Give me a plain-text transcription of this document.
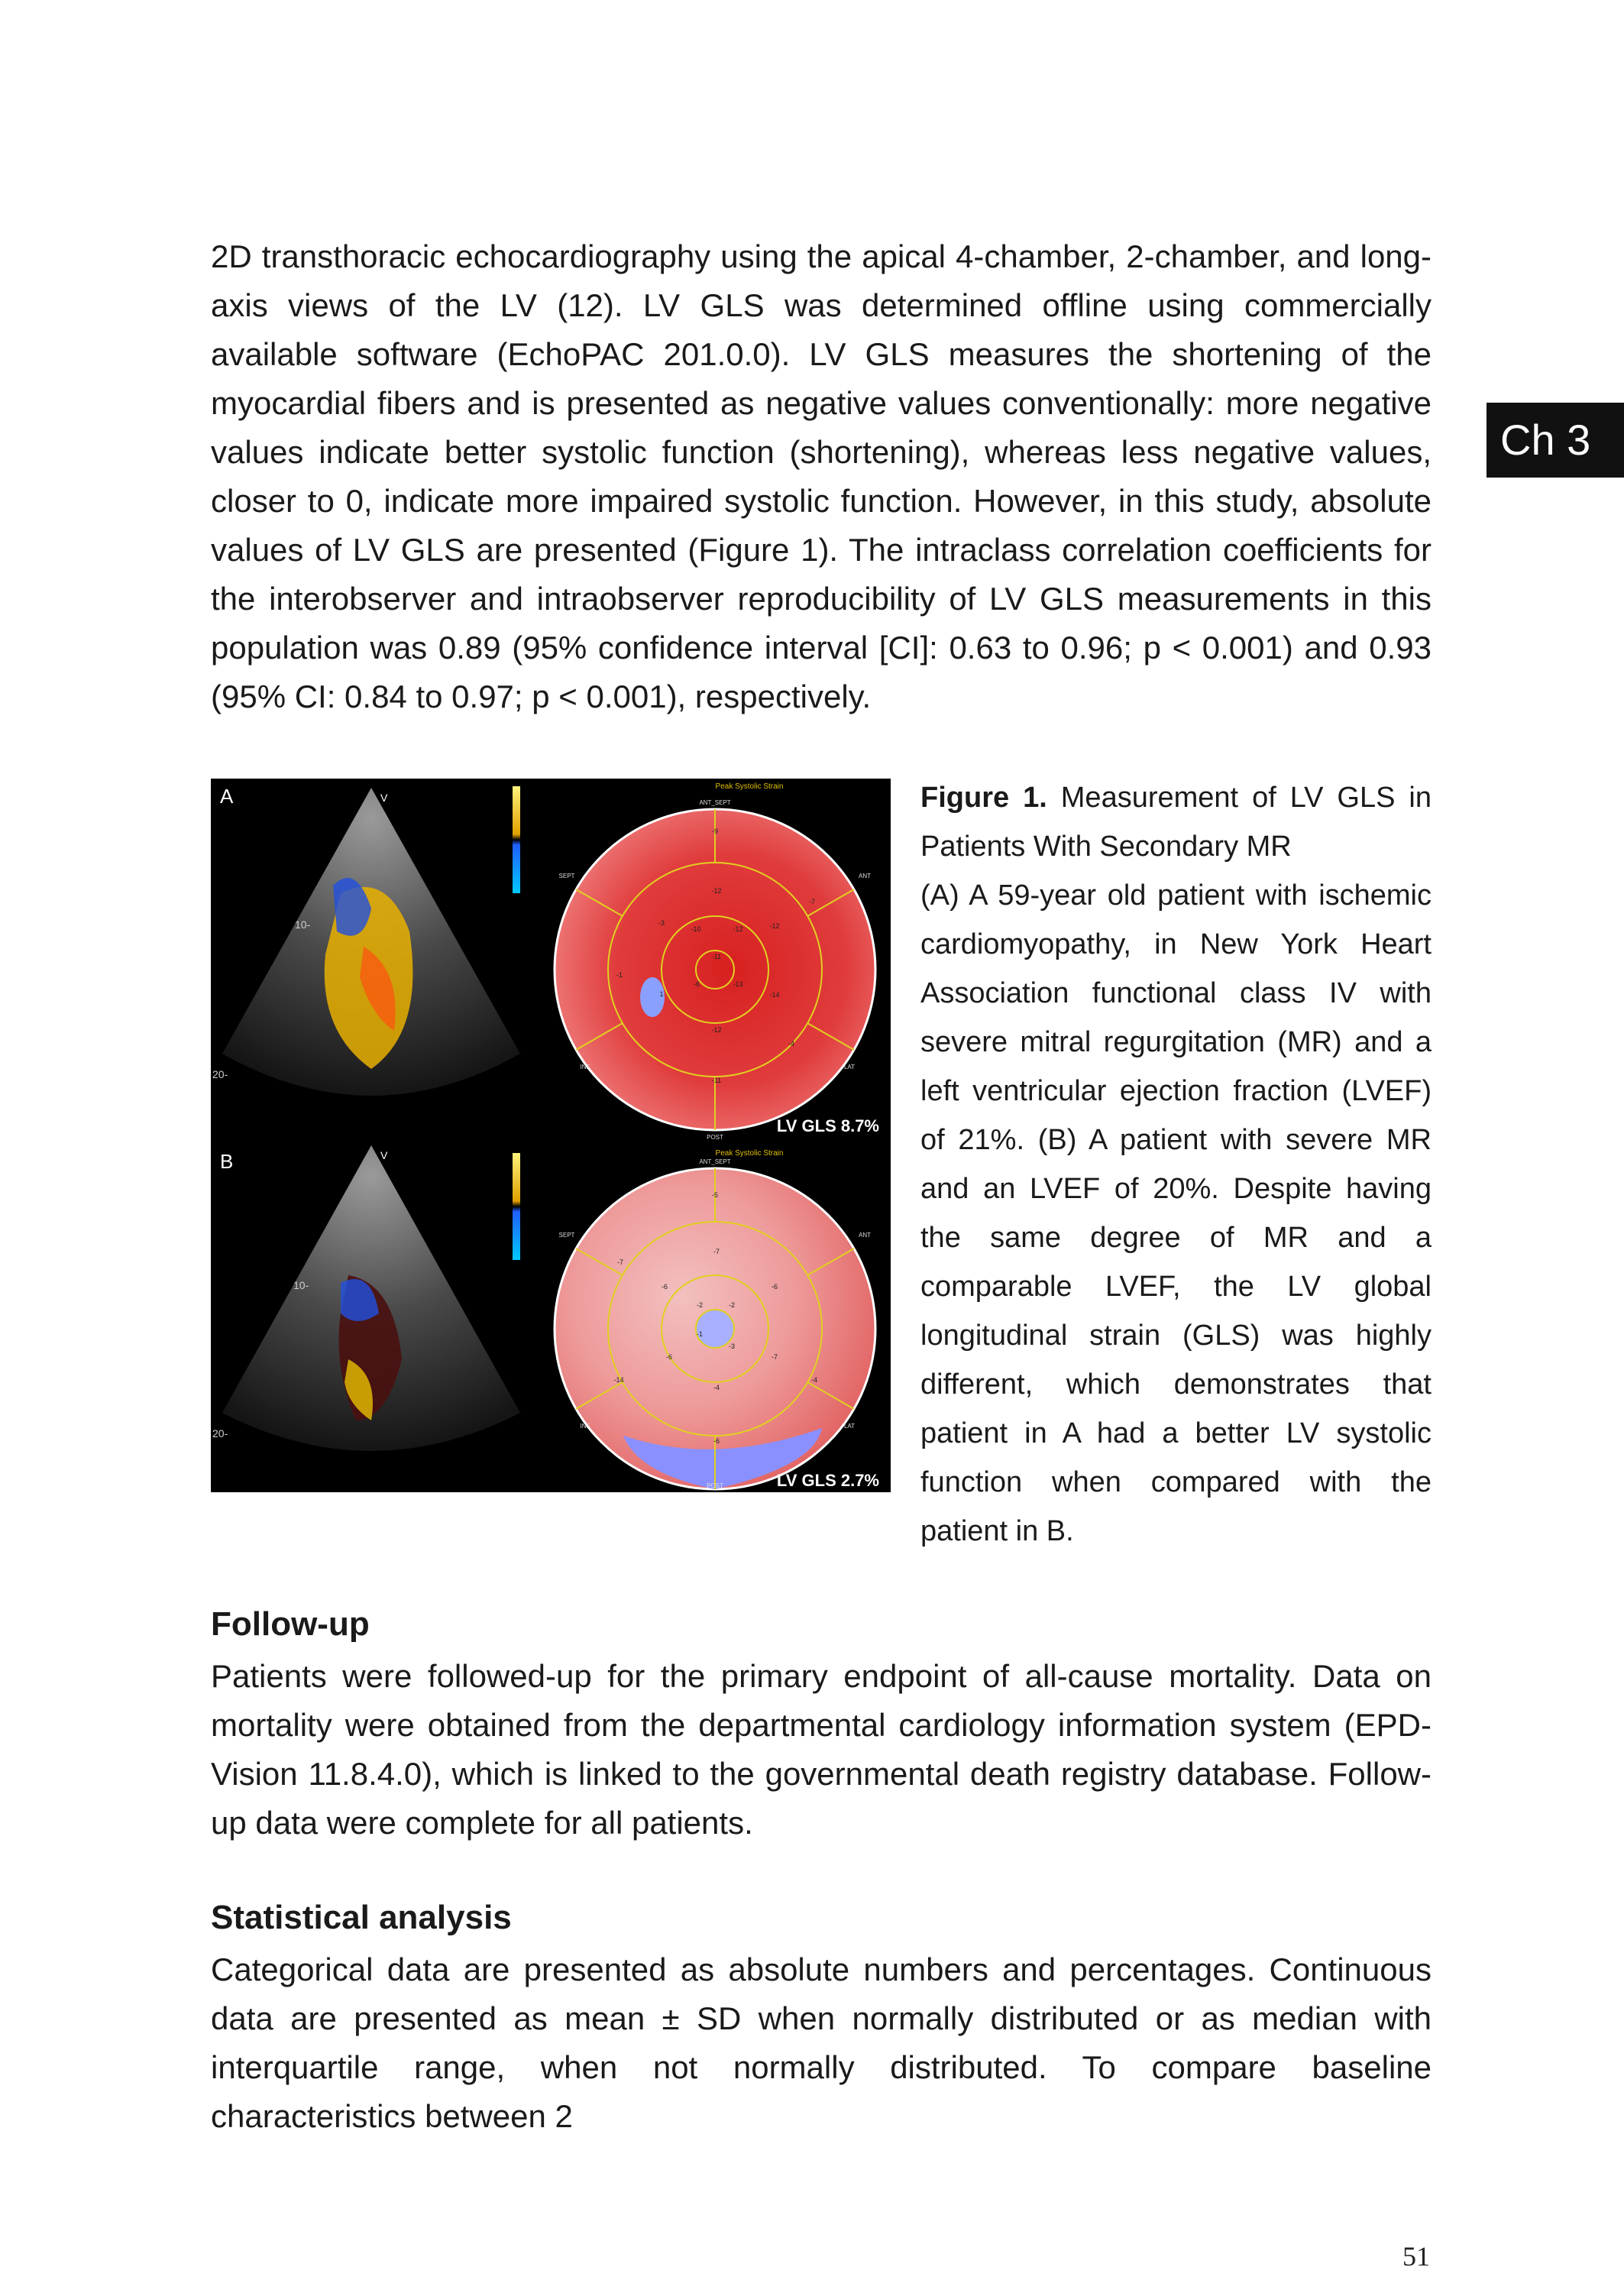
2D transthoracic echocardiography using the apical 4-chamber, 2-chamber, and long-axis views of the LV (12). LV GLS was determined offline using commercially available software (EchoPAC 201.0.0). LV GLS measures the shortening of the myocardial fibers and is presented as negative values conventionally: more negative values indicate better systolic function (shortening), whereas less negative values, closer to 0, indicate more impaired systolic function. However, in this study, absolute values of LV GLS are presented (Figure 1). The intraclass correlation coefficients for the interobserver and intraobserver reproducibility of LV GLS measurements in this population was 0.89 (95% confidence interval [CI]: 0.63 to 0.96; p < 0.001) and 0.93 (95% CI: 0.84 to 0.97; p < 0.001), respectively.

Ch 3
A	V
10-
20-
Peak Systolic Strain
-9
-3
-12
-7
-10	-12	-12
-11
-1
1
-6	-13
-14
-12
-11
-4
ANT_SEPT
SEPT	ANT
INF	LAT
POST
LV GLS 8.7%
B	V
10-
20-
Peak Systolic Strain
-5
-7
-7
-6
-2	-2
-6
-1
-3
-6
-14
-7
-4
-4
-6
ANT_SEPT
SEPT	ANT
INF	LAT
POST	LV GLS 2.7%

Figure 1. Measurement of LV GLS in Patients With Secondary MR
(A) A 59-year old patient with ischemic cardiomyopathy, in New York Heart Association functional class IV with severe mitral regurgitation (MR) and a left ventricular ejection fraction (LVEF) of 21%. (B) A patient with severe MR and an LVEF of 20%. Despite having the same degree of MR and a comparable LVEF, the LV global longitudinal strain (GLS) was highly different, which demonstrates that patient in A had a better LV systolic function when compared with the patient in B.

Follow-up

Patients were followed-up for the primary endpoint of all-cause mortality. Data on mortality were obtained from the departmental cardiology information system (EPD-Vision 11.8.4.0), which is linked to the governmental death registry database. Follow-up data were complete for all patients.

Statistical analysis

Categorical data are presented as absolute numbers and percentages. Continuous data are presented as mean ± SD when normally distributed or as median with interquartile range, when not normally distributed. To compare baseline characteristics between 2

51
